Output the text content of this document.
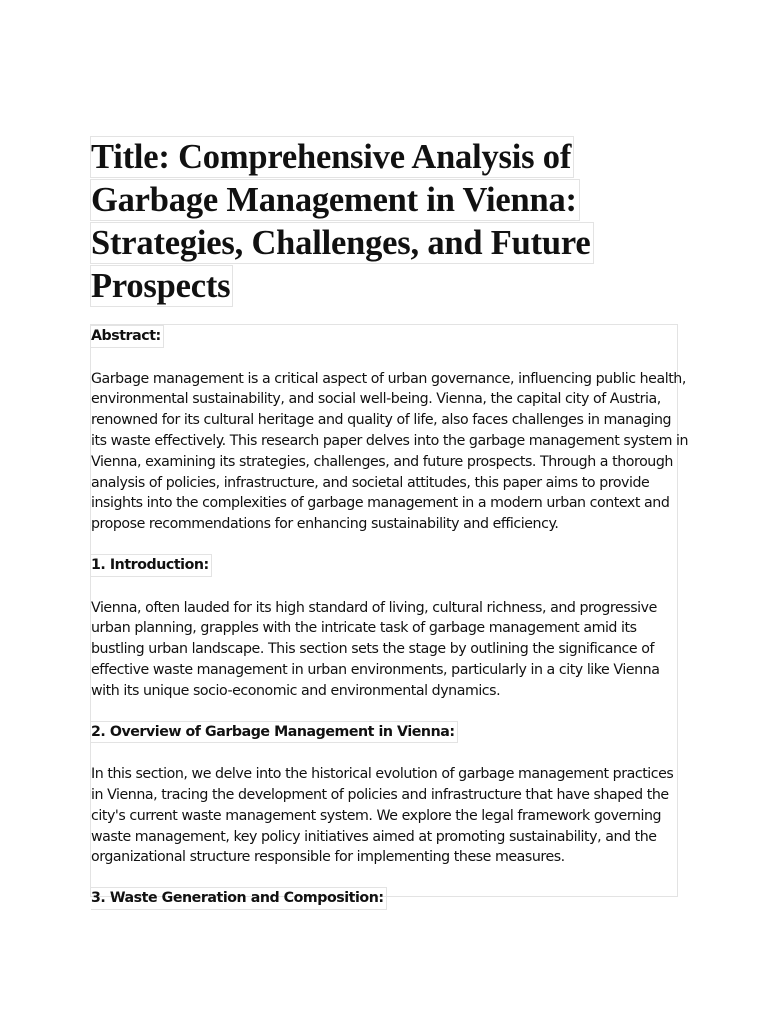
Title: Comprehensive Analysis of
Garbage Management in Vienna:
Strategies, Challenges, and Future
Prospects
Abstract:

Garbage management is a critical aspect of urban governance, influencing public health,
environmental sustainability, and social well-being. Vienna, the capital city of Austria,
renowned for its cultural heritage and quality of life, also faces challenges in managing
its waste effectively. This research paper delves into the garbage management system in
Vienna, examining its strategies, challenges, and future prospects. Through a thorough
analysis of policies, infrastructure, and societal attitudes, this paper aims to provide
insights into the complexities of garbage management in a modern urban context and
propose recommendations for enhancing sustainability and efficiency.

1. Introduction:

Vienna, often lauded for its high standard of living, cultural richness, and progressive
urban planning, grapples with the intricate task of garbage management amid its
bustling urban landscape. This section sets the stage by outlining the significance of
effective waste management in urban environments, particularly in a city like Vienna
with its unique socio-economic and environmental dynamics.

2. Overview of Garbage Management in Vienna:

In this section, we delve into the historical evolution of garbage management practices
in Vienna, tracing the development of policies and infrastructure that have shaped the
city's current waste management system. We explore the legal framework governing
waste management, key policy initiatives aimed at promoting sustainability, and the
organizational structure responsible for implementing these measures.

3. Waste Generation and Composition:
